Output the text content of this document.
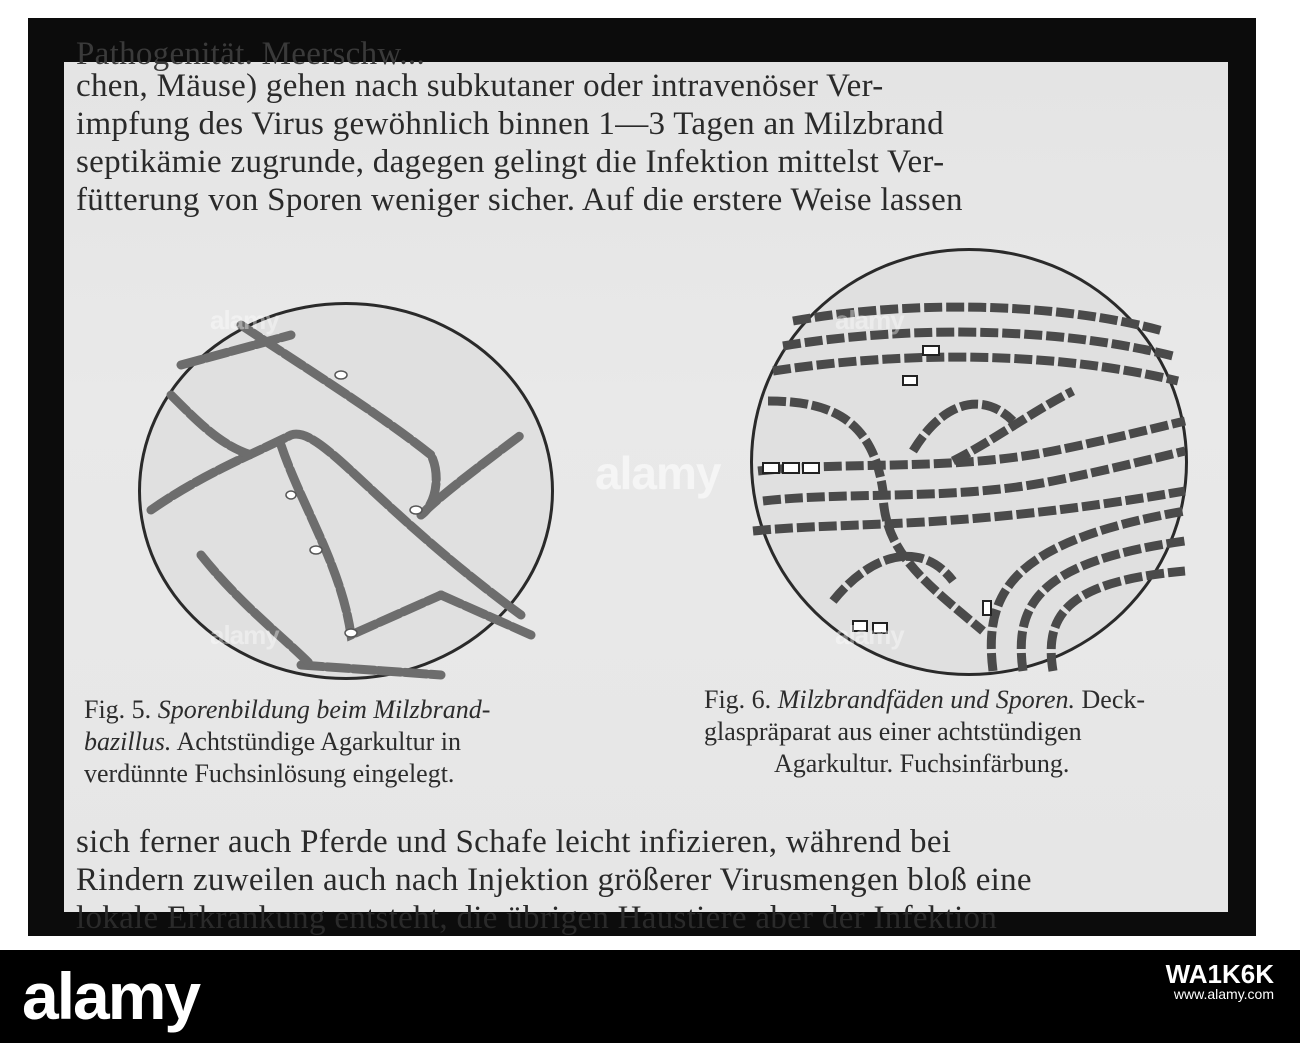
Pathogenität. Meerschw...
chen, Mäuse) gehen nach subkutaner oder intravenöser Ver-
impfung des Virus gewöhnlich binnen 1—3 Tagen an Milzbrand
septikämie zugrunde, dagegen gelingt die Infektion mittelst Ver-
fütterung von Sporen weniger sicher. Auf die erstere Weise lassen
Fig. 5. Sporenbildung beim Milzbrand-
bazillus. Achtstündige Agarkultur in
verdünnte Fuchsinlösung eingelegt.
Fig. 6. Milzbrandfäden und Sporen. Deck-
glaspräparat aus einer achtstündigen
Agarkultur. Fuchsinfärbung.
sich ferner auch Pferde und Schafe leicht infizieren, während bei
Rindern zuweilen auch nach Injektion größerer Virusmengen bloß eine
lokale Erkrankung entsteht, die übrigen Haustiere aber der Infektion
alamy
alamy	alamy
alamy	alamy
alamy	WA1K6K
www.alamy.com
